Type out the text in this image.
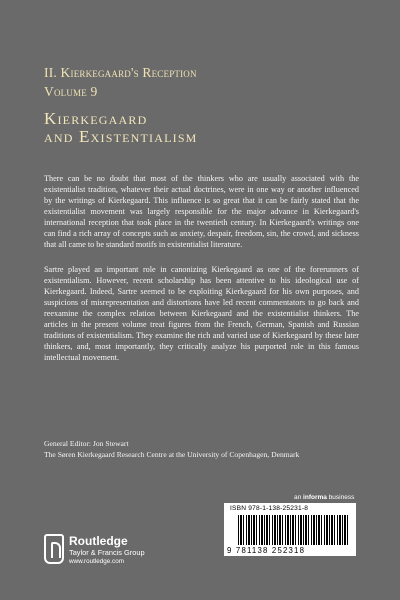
II. Kierkegaard's Reception
Volume 9
Kierkegaard
and Existentialism

There can be no doubt that most of the thinkers who are usually associated with the existentialist tradition, whatever their actual doctrines, were in one way or another influenced by the writings of Kierkegaard. This influence is so great that it can be fairly stated that the existentialist movement was largely responsible for the major advance in Kierkegaard's international reception that took place in the twentieth century. In Kierkegaard's writings one can find a rich array of concepts such as anxiety, despair, freedom, sin, the crowd, and sickness that all came to be standard motifs in existentialist literature.

Sartre played an important role in canonizing Kierkegaard as one of the forerunners of existentialism. However, recent scholarship has been attentive to his ideological use of Kierkegaard. Indeed, Sartre seemed to be exploiting Kierkegaard for his own purposes, and suspicions of misrepresentation and distortions have led recent commentators to go back and reexamine the complex relation between Kierkegaard and the existentialist thinkers. The articles in the present volume treat figures from the French, German, Spanish and Russian traditions of existentialism. They examine the rich and varied use of Kierkegaard by these later thinkers, and, most importantly, they critically analyze his purported role in this famous intellectual movement.

General Editor: Jon Stewart
The Søren Kierkegaard Research Centre at the University of Copenhagen, Denmark
an informa business
ISBN 978-1-138-25231-8
9 781138 252318
Routledge
Taylor & Francis Group
www.routledge.com
